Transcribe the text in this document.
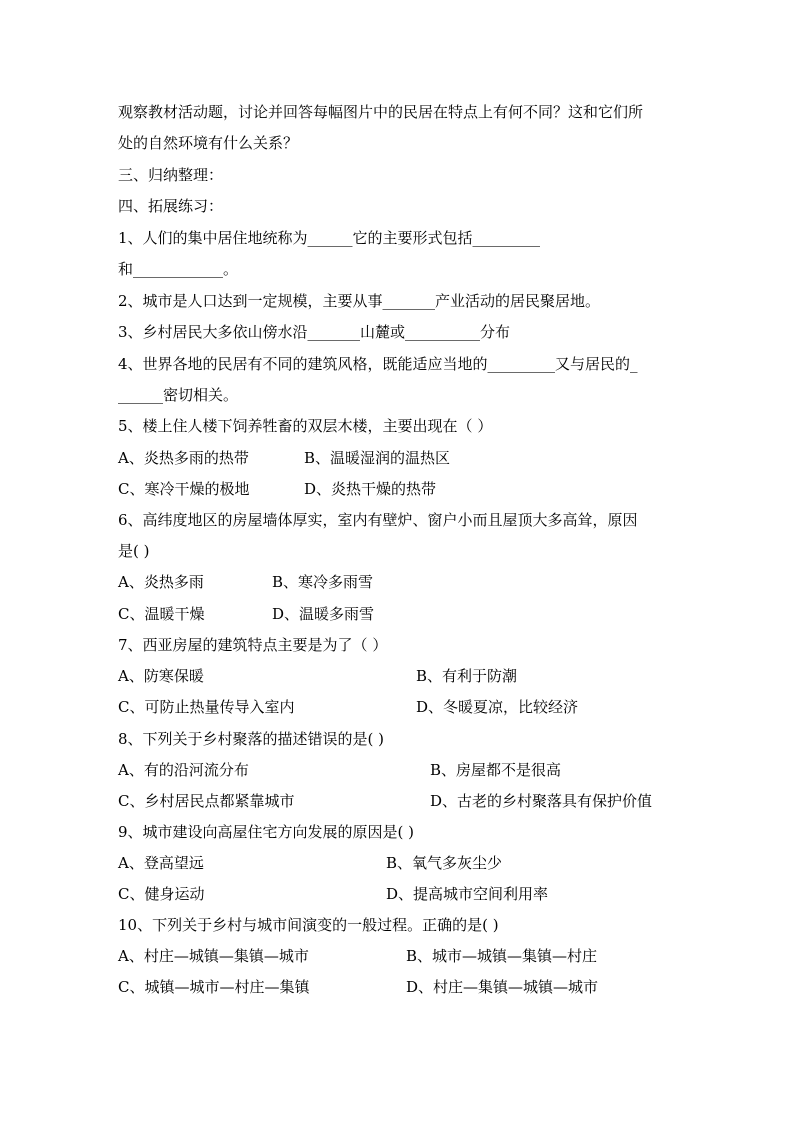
观察教材活动题，讨论并回答每幅图片中的民居在特点上有何不同？这和它们所
处的自然环境有什么关系？
三、归纳整理：
四、拓展练习：
1、人们的集中居住地统称为______它的主要形式包括_________
和____________。
2、城市是人口达到一定规模，主要从事_______产业活动的居民聚居地。
3、乡村居民大多依山傍水沿_______山麓或__________分布
4、世界各地的民居有不同的建筑风格，既能适应当地的_________又与居民的_
______密切相关。
5、楼上住人楼下饲养牲畜的双层木楼，主要出现在（ ）
A、炎热多雨的热带	B、温暖湿润的温热区
C、寒冷干燥的极地	D、炎热干燥的热带
6、高纬度地区的房屋墙体厚实，室内有壁炉、窗户小而且屋顶大多高耸，原因
是( )
A、炎热多雨	B、寒冷多雨雪
C、温暖干燥	D、温暖多雨雪
7、西亚房屋的建筑特点主要是为了（ ）
A、防寒保暖	B、有利于防潮
C、可防止热量传导入室内	D、冬暖夏凉，比较经济
8、下列关于乡村聚落的描述错误的是( )
A、有的沿河流分布	B、房屋都不是很高
C、乡村居民点都紧靠城市	D、古老的乡村聚落具有保护价值
9、城市建设向高屋住宅方向发展的原因是( )
A、登高望远	B、氧气多灰尘少
C、健身运动	D、提高城市空间利用率
10、下列关于乡村与城市间演变的一般过程。正确的是( )
A、村庄—城镇—集镇—城市	B、城市—城镇—集镇—村庄
C、城镇—城市—村庄—集镇	D、村庄—集镇—城镇—城市
